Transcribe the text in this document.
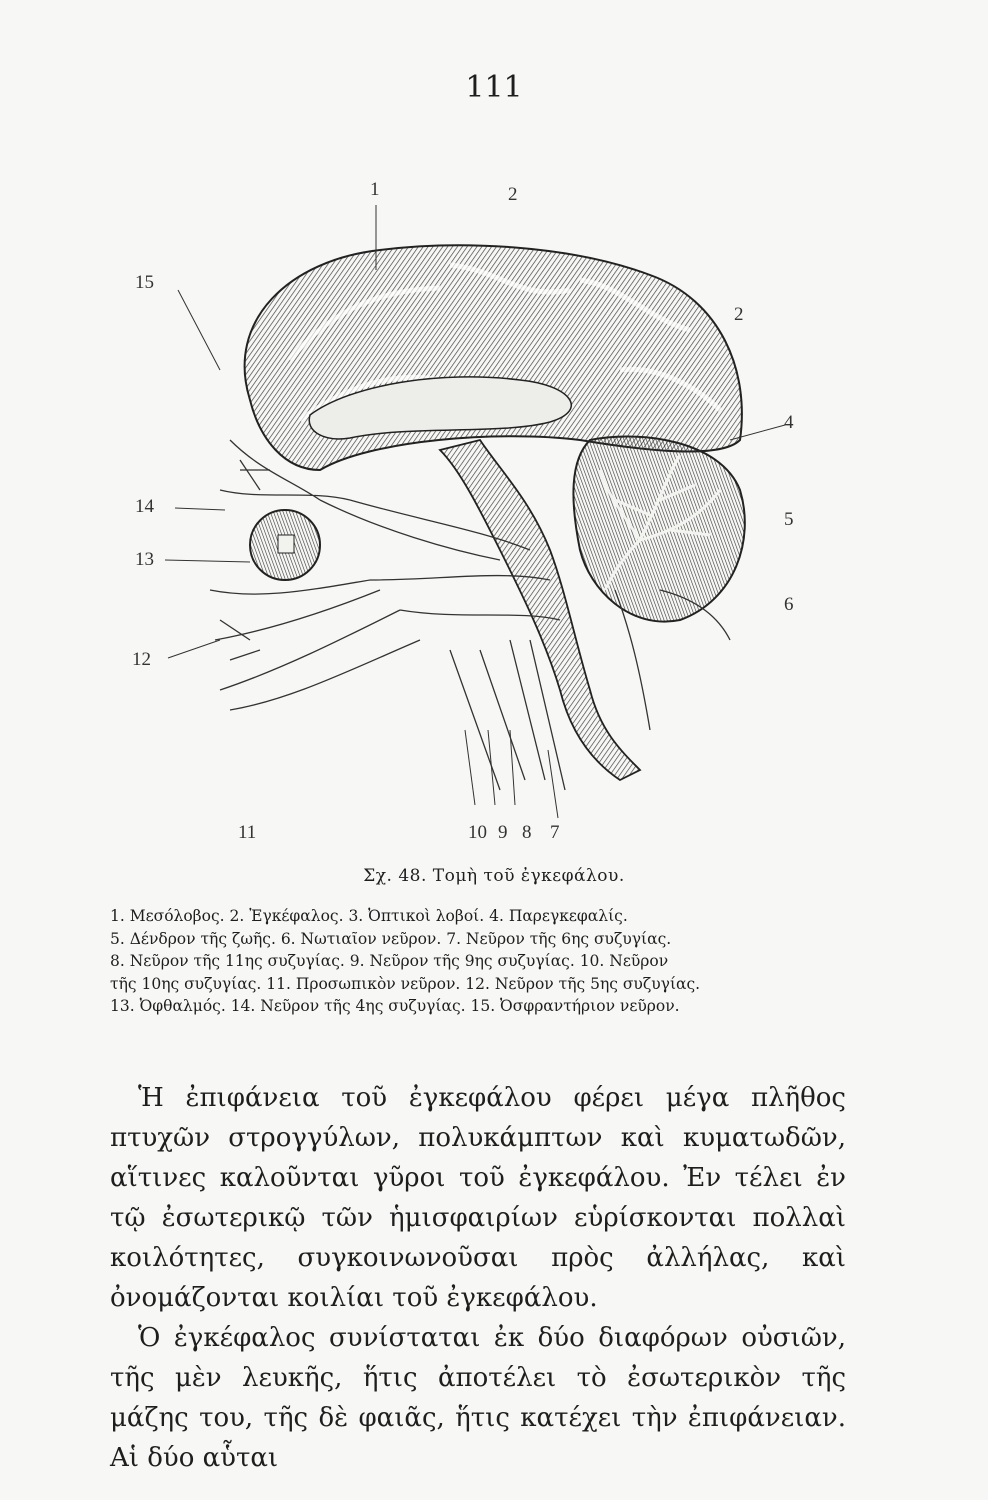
111
1	2
2
15
4
14
5
13
6
12
11	10 9 8 7
Σχ. 48. Τομὴ τοῦ ἐγκεφάλου.
1. Μεσόλοβος. 2. Ἐγκέφαλος. 3. Ὀπτικοὶ λοβοί. 4. Παρεγκεφαλίς.
5. Δένδρον τῆς ζωῆς. 6. Νωτιαῖον νεῦρον. 7. Νεῦρον τῆς 6ης συζυγίας.
8. Νεῦρον τῆς 11ης συζυγίας. 9. Νεῦρον τῆς 9ης συζυγίας. 10. Νεῦρον
τῆς 10ης συζυγίας. 11. Προσωπικὸν νεῦρον. 12. Νεῦρον τῆς 5ης συζυγίας.
13. Ὀφθαλμός. 14. Νεῦρον τῆς 4ης συζυγίας. 15. Ὀσφραντήριον νεῦρον.

Ἡ ἐπιφάνεια τοῦ ἐγκεφάλου φέρει μέγα πλῆθος πτυχῶν στρογγύλων, πολυκάμπτων καὶ κυματωδῶν, αἵτινες καλοῦνται γῦροι τοῦ ἐγκεφάλου. Ἐν τέλει ἐν τῷ ἐσωτερικῷ τῶν ἡμισφαιρίων εὑρίσκονται πολλαὶ κοιλότητες, συγκοινωνοῦσαι πρὸς ἀλλήλας, καὶ ὀνομάζονται κοιλίαι τοῦ ἐγκεφάλου.

Ὁ ἐγκέφαλος συνίσταται ἐκ δύο διαφόρων οὐσιῶν, τῆς μὲν λευκῆς, ἥτις ἀποτέλει τὸ ἐσωτερικὸν τῆς μάζης του, τῆς δὲ φαιᾶς, ἥτις κατέχει τὴν ἐπιφάνειαν. Αἱ δύο αὗται
